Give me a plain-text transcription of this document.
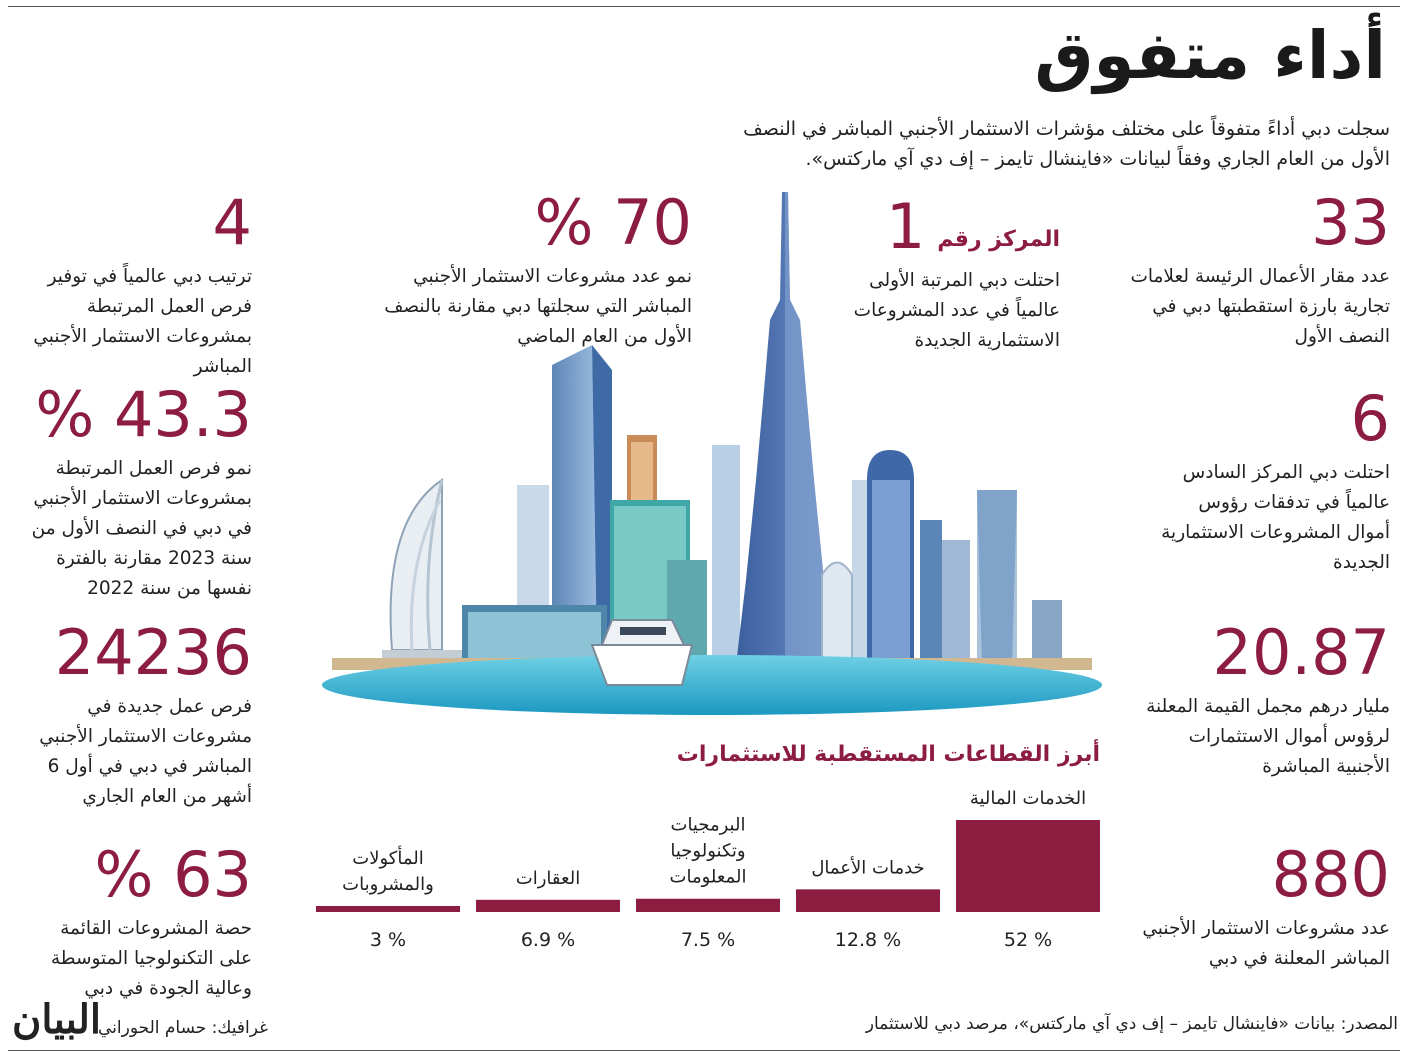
أداء متفوق
سجلت دبي أداءً متفوقاً على مختلف مؤشرات الاستثمار الأجنبي المباشر في النصف الأول من العام الجاري وفقاً لبيانات «فاينشال تايمز – إف دي آي ماركتس».
33
عدد مقار الأعمال الرئيسة لعلامات تجارية بارزة استقطبتها دبي في النصف الأول
6
احتلت دبي المركز السادس عالمياً في تدفقات رؤوس أموال المشروعات الاستثمارية الجديدة
20.87
مليار درهم مجمل القيمة المعلنة لرؤوس أموال الاستثمارات الأجنبية المباشرة
880
عدد مشروعات الاستثمار الأجنبي المباشر المعلنة في دبي
المركز رقم
1
احتلت دبي المرتبة الأولى عالمياً في عدد المشروعات الاستثمارية الجديدة
70 %
نمو عدد مشروعات الاستثمار الأجنبي المباشر التي سجلتها دبي مقارنة بالنصف الأول من العام الماضي
4
ترتيب دبي عالمياً في توفير فرص العمل المرتبطة بمشروعات الاستثمار الأجنبي المباشر
43.3 %
نمو فرص العمل المرتبطة بمشروعات الاستثمار الأجنبي في دبي في النصف الأول من سنة 2023 مقارنة بالفترة نفسها من سنة 2022
24236
فرص عمل جديدة في مشروعات الاستثمار الأجنبي المباشر في دبي في أول 6 أشهر من العام الجاري
63 %
حصة المشروعات القائمة على التكنولوجيا المتوسطة وعالية الجودة في دبي
أبرز القطاعات المستقطبة للاستثمارات
% 52
الخدمات المالية
% 12.8
خدمات الأعمال
% 7.5
البرمجيات وتكنولوجيا المعلومات
% 6.9
العقارات
% 3
المأكولات والمشروبات
المصدر: بيانات «فاينشال تايمز – إف دي آي ماركتس»، مرصد دبي للاستثمار
غرافيك: حسام الحوراني
البيان
